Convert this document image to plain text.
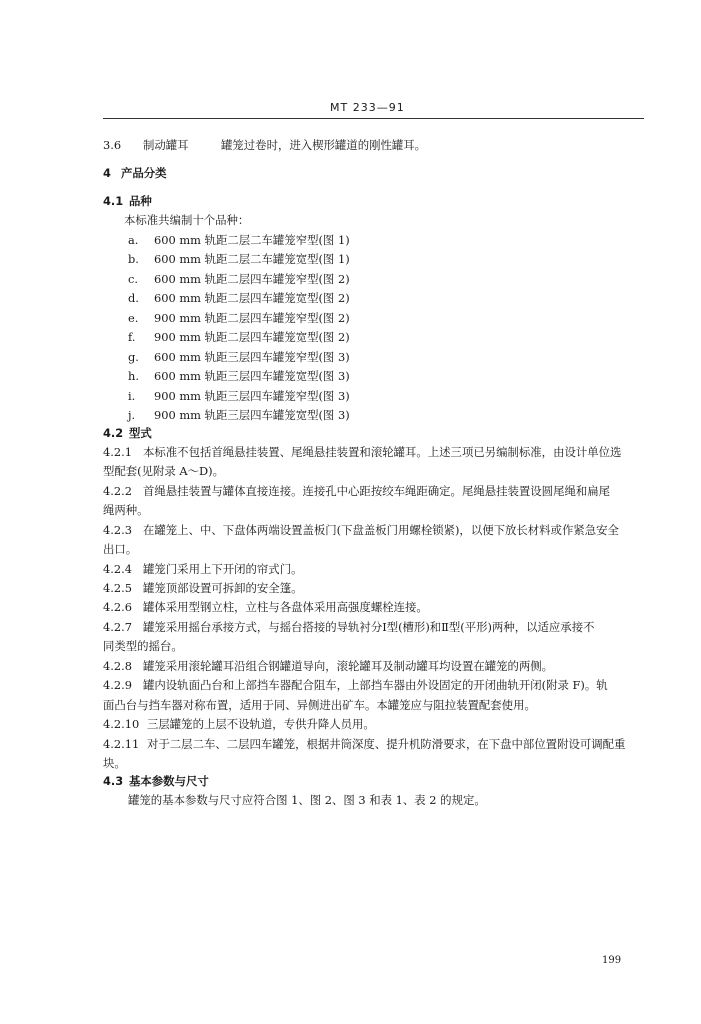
MT 233—91
3.6 制动罐耳	罐笼过卷时，进入楔形罐道的刚性罐耳。
4 产品分类
4.1 品种
本标准共编制十个品种：
a. 600 mm 轨距二层二车罐笼窄型(图 1)
b. 600 mm 轨距二层二车罐笼宽型(图 1)
c. 600 mm 轨距二层四车罐笼窄型(图 2)
d. 600 mm 轨距二层四车罐笼宽型(图 2)
e. 900 mm 轨距二层四车罐笼窄型(图 2)
f. 900 mm 轨距二层四车罐笼宽型(图 2)
g. 600 mm 轨距三层四车罐笼窄型(图 3)
h. 600 mm 轨距三层四车罐笼宽型(图 3)
i. 900 mm 轨距三层四车罐笼窄型(图 3)
j. 900 mm 轨距三层四车罐笼宽型(图 3)
4.2 型式
4.2.1 本标准不包括首绳悬挂装置、尾绳悬挂装置和滚轮罐耳。上述三项已另编制标准，由设计单位选
型配套(见附录 A～D)。
4.2.2 首绳悬挂装置与罐体直接连接。连接孔中心距按绞车绳距确定。尾绳悬挂装置设圆尾绳和扁尾
绳两种。
4.2.3 在罐笼上、中、下盘体两端设置盖板门(下盘盖板门用螺栓锁紧)，以便下放长材料或作紧急安全
出口。
4.2.4 罐笼门采用上下开闭的帘式门。
4.2.5 罐笼顶部设置可拆卸的安全篷。
4.2.6 罐体采用型钢立柱，立柱与各盘体采用高强度螺栓连接。
4.2.7 罐笼采用摇台承接方式，与摇台搭接的导轨衬分Ⅰ型(槽形)和Ⅱ型(平形)两种，以适应承接不
同类型的摇台。
4.2.8 罐笼采用滚轮罐耳沿组合钢罐道导向，滚轮罐耳及制动罐耳均设置在罐笼的两侧。
4.2.9 罐内设轨面凸台和上部挡车器配合阻车，上部挡车器由外设固定的开闭曲轨开闭(附录 F)。轨
面凸台与挡车器对称布置，适用于同、异侧进出矿车。本罐笼应与阻拉装置配套使用。
4.2.10 三层罐笼的上层不设轨道，专供升降人员用。
4.2.11 对于二层二车、二层四车罐笼，根据井筒深度、提升机防滑要求，在下盘中部位置附设可调配重
块。
4.3 基本参数与尺寸
罐笼的基本参数与尺寸应符合图 1、图 2、图 3 和表 1、表 2 的规定。
199
